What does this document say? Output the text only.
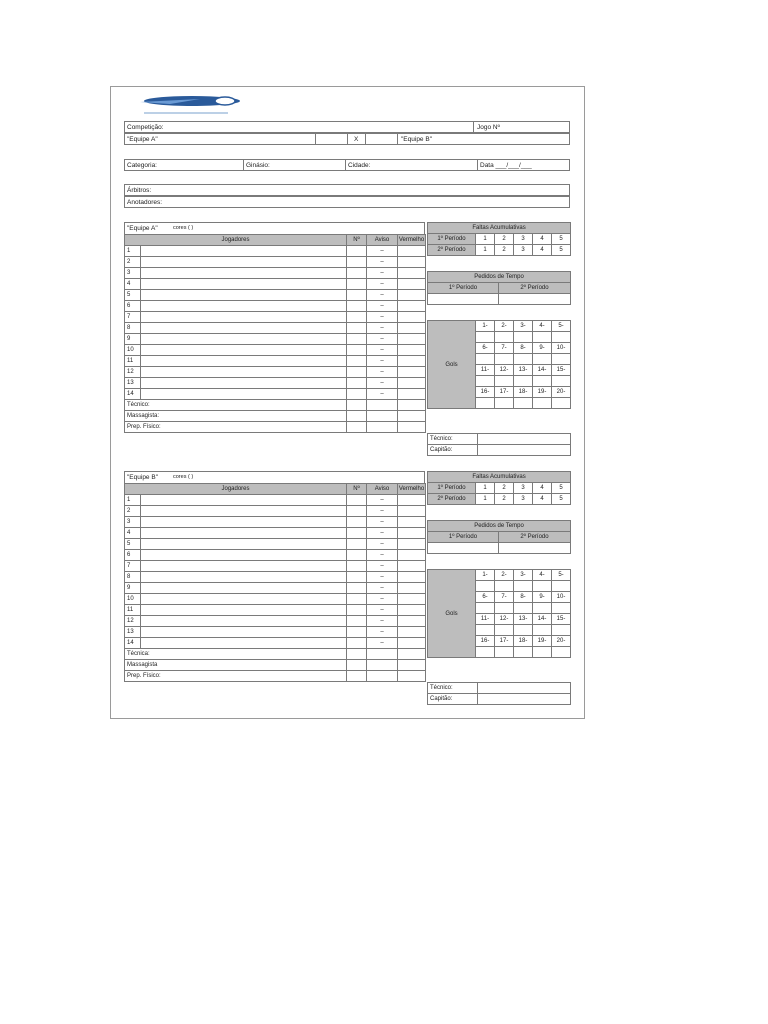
Competição:	Jogo Nº
"Equipe A"	X	"Equipe B"
Categoria:	Ginásio:	Cidade:	Data ___/___/___
Árbitros:
Anotadores:
"Equipe A"	cores ( )
Jogadores		Nº	Aviso	Vermelho
1			–	
2			–	
3			–	
4			–	
5			–	
6			–	
7			–	
8			–	
9			–	
10			–	
11			–	
12			–	
13			–	
14			–	
Técnico:				
Massagista:				
Prep. Físico:				
Faltas Acumulativas					
1º Período	1	2	3	4	5
2º Período	1	2	3	4	5
Pedidos de Tempo	
1º Período	2º Período

Gols	1-	2-	3-	4-	5-

	6-	7-	8-	9-	10-

	11-	12-	13-	14-	15-

	16-	17-	18-	19-	20-

Técnico:	
Capitão:	
"Equipe B"	cores ( )
Jogadores		Nº	Aviso	Vermelho
1			–	
2			–	
3			–	
4			–	
5			–	
6			–	
7			–	
8			–	
9			–	
10			–	
11			–	
12			–	
13			–	
14			–	
Técnica:				
Massagista				
Prep. Físico:				
Faltas Acumulativas					
1º Período	1	2	3	4	5
2º Período	1	2	3	4	5
Pedidos de Tempo	
1º Período	2º Período

Gols	1-	2-	3-	4-	5-

	6-	7-	8-	9-	10-

	11-	12-	13-	14-	15-

	16-	17-	18-	19-	20-

Técnico:	
Capitão:	
